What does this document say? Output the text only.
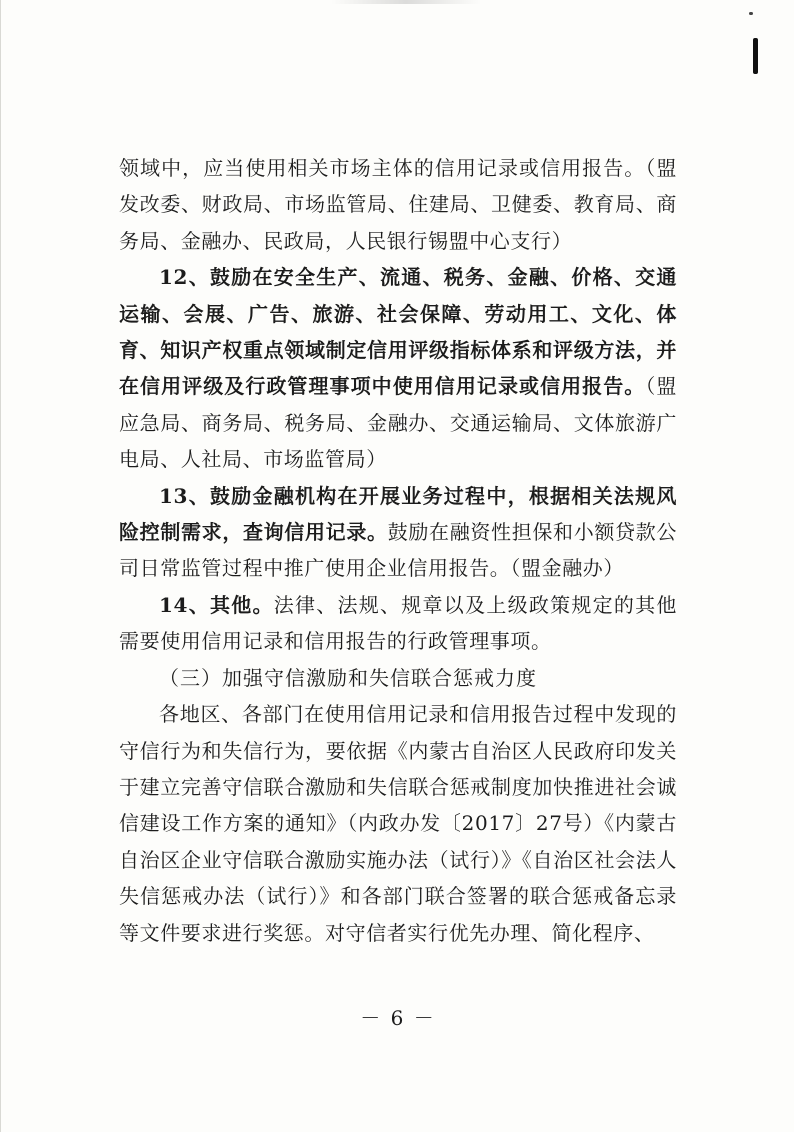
领域中，应当使用相关市场主体的信用记录或信用报告。（盟发改委、财政局、市场监管局、住建局、卫健委、教育局、商务局、金融办、民政局，人民银行锡盟中心支行）

12、鼓励在安全生产、流通、税务、金融、价格、交通运输、会展、广告、旅游、社会保障、劳动用工、文化、体育、知识产权重点领域制定信用评级指标体系和评级方法，并在信用评级及行政管理事项中使用信用记录或信用报告。（盟应急局、商务局、税务局、金融办、交通运输局、文体旅游广电局、人社局、市场监管局）

13、鼓励金融机构在开展业务过程中，根据相关法规风险控制需求，查询信用记录。鼓励在融资性担保和小额贷款公司日常监管过程中推广使用企业信用报告。（盟金融办）

14、其他。法律、法规、规章以及上级政策规定的其他需要使用信用记录和信用报告的行政管理事项。

（三）加强守信激励和失信联合惩戒力度

各地区、各部门在使用信用记录和信用报告过程中发现的守信行为和失信行为，要依据《内蒙古自治区人民政府印发关于建立完善守信联合激励和失信联合惩戒制度加快推进社会诚信建设工作方案的通知》（内政办发〔2017〕27号）《内蒙古自治区企业守信联合激励实施办法（试行）》《自治区社会法人失信惩戒办法（试行）》和各部门联合签署的联合惩戒备忘录等文件要求进行奖惩。对守信者实行优先办理、简化程序、

－ 6 －
